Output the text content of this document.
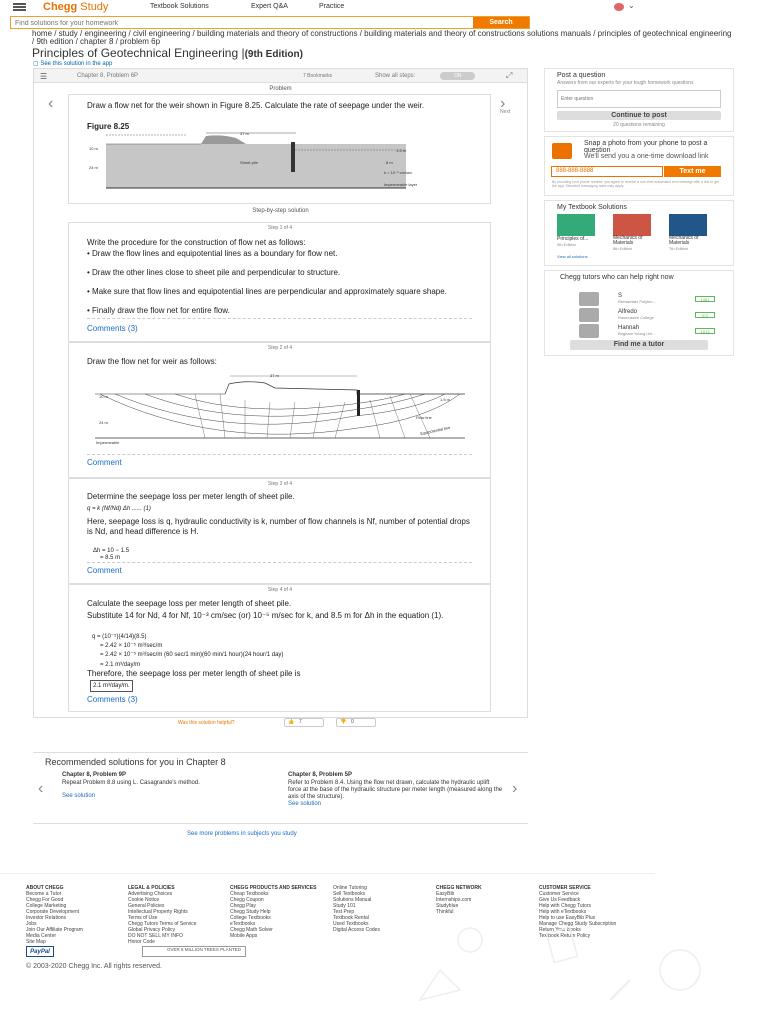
Chegg Study	Textbook Solutions	Expert Q&A	Practice	⌄
Find solutions for your homework
Search
home / study / engineering / civil engineering / building materials and theory of constructions / building materials and theory of constructions solutions manuals / principles of geotechnical engineering / 9th edition / chapter 8 / problem 6p
Principles of Geotechnical Engineering |(9th Edition)
▢ See this solution in the app
☰	Chapter 8, Problem 6P	7 Bookmarks	Show all steps:	ON	⤢
Problem
‹	›
Next
Draw a flow net for the weir shown in Figure 8.25. Calculate the rate of seepage under the weir.
Figure 8.25
37 m
10 m
24 m
Sheet pile
1.5 m
8 m
k = 10⁻³ cm/sec
Impermeable layer
Step-by-step solution
Step 1 of 4
Write the procedure for the construction of flow net as follows:
• Draw the flow lines and equipotential lines as a boundary for flow net.
• Draw the other lines close to sheet pile and perpendicular to structure.
• Make sure that flow lines and equipotential lines are perpendicular and approximately square shape.
• Finally draw the flow net for entire flow.
Comments (3)
Step 2 of 4
Draw the flow net for weir as follows:
37 m
10 m
24 m
1.5 m
Flow line
Equipotential line
Impermeable
Comment
Step 3 of 4
Determine the seepage loss per meter length of sheet pile.
q = k (Nf/Nd) Δh ...... (1)
Here, seepage loss is q, hydraulic conductivity is k, number of flow channels is Nf, number of potential drops is Nd, and head difference is H.
Δh = 10 − 1.5
= 8.5 m
Comment
Step 4 of 4
Calculate the seepage loss per meter length of sheet pile.
Substitute 14 for Nd, 4 for Nf, 10⁻³ cm/sec (or) 10⁻⁵ m/sec for k, and 8.5 m for Δh in the equation (1).
q = (10⁻⁵)(4/14)(8.5)
= 2.42 × 10⁻⁵ m³/sec/m
= 2.42 × 10⁻⁵ m³/sec/m (60 sec/1 min)(60 min/1 hour)(24 hour/1 day)
= 2.1 m³/day/m
Therefore, the seepage loss per meter length of sheet pile is
2.1 m³/day/m.
Comments (3)
Was this solution helpful?	👍 7	👎 0
Post a question
Answers from our experts for your tough homework questions
Enter question
Continue to post
20 questions remaining
Snap a photo from your phone to post a question
We'll send you a one-time download link
888-888-8888	Text me
By providing your phone number, you agree to receive a one-time automated text message with a link to get the app. Standard messaging rates may apply.
My Textbook Solutions
Principles of...
9th Edition
Mechanics of Materials
8th Edition
Mechanics of Materials
7th Edition
View all solutions
Chegg tutors who can help right now
S
Rensselaer Polytec...	1451
Alfredo
Rasmussen College	372
Hannah
Brigham Young Uni...	1013
Find me a tutor
Recommended solutions for you in Chapter 8
‹	›
Chapter 8, Problem 9P
Repeat Problem 8.8 using L. Casagrande's method.
See solution
Chapter 8, Problem 5P
Refer to Problem 8.4. Using the flow net drawn, calculate the hydraulic uplift force at the base of the hydraulic structure per meter length (measured along the axis of the structure).
See solution
See more problems in subjects you study
ABOUT CHEGG
Become a Tutor
Chegg For Good
College Marketing
Corporate Development
Investor Relations
Jobs
Join Our Affiliate Program
Media Center
Site Map
LEGAL & POLICIES
Advertising Choices
Cookie Notice
General Policies
Intellectual Property Rights
Terms of Use
Chegg Tutors Terms of Service
Global Privacy Policy
DO NOT SELL MY INFO
Honor Code
CHEGG PRODUCTS AND SERVICES
Cheap Textbooks
Chegg Coupon
Chegg Play
Chegg Study Help
College Textbooks
eTextbooks
Chegg Math Solver
Mobile Apps
Online Tutoring
Sell Textbooks
Solutions Manual
Study 101
Test Prep
Textbook Rental
Used Textbooks
Digital Access Codes
CHEGG NETWORK
EasyBib
Internships.com
Studyblue
Thinkful
CUSTOMER SERVICE
Customer Service
Give Us Feedback
Help with Chegg Tutors
Help with eTextbooks
Help to use EasyBib Plus
Manage Chegg Study Subscription
Return Your Books
Textbook Return Policy
PayPal	OVER 6 MILLION TREES PLANTED
© 2003-2020 Chegg Inc. All rights reserved.
